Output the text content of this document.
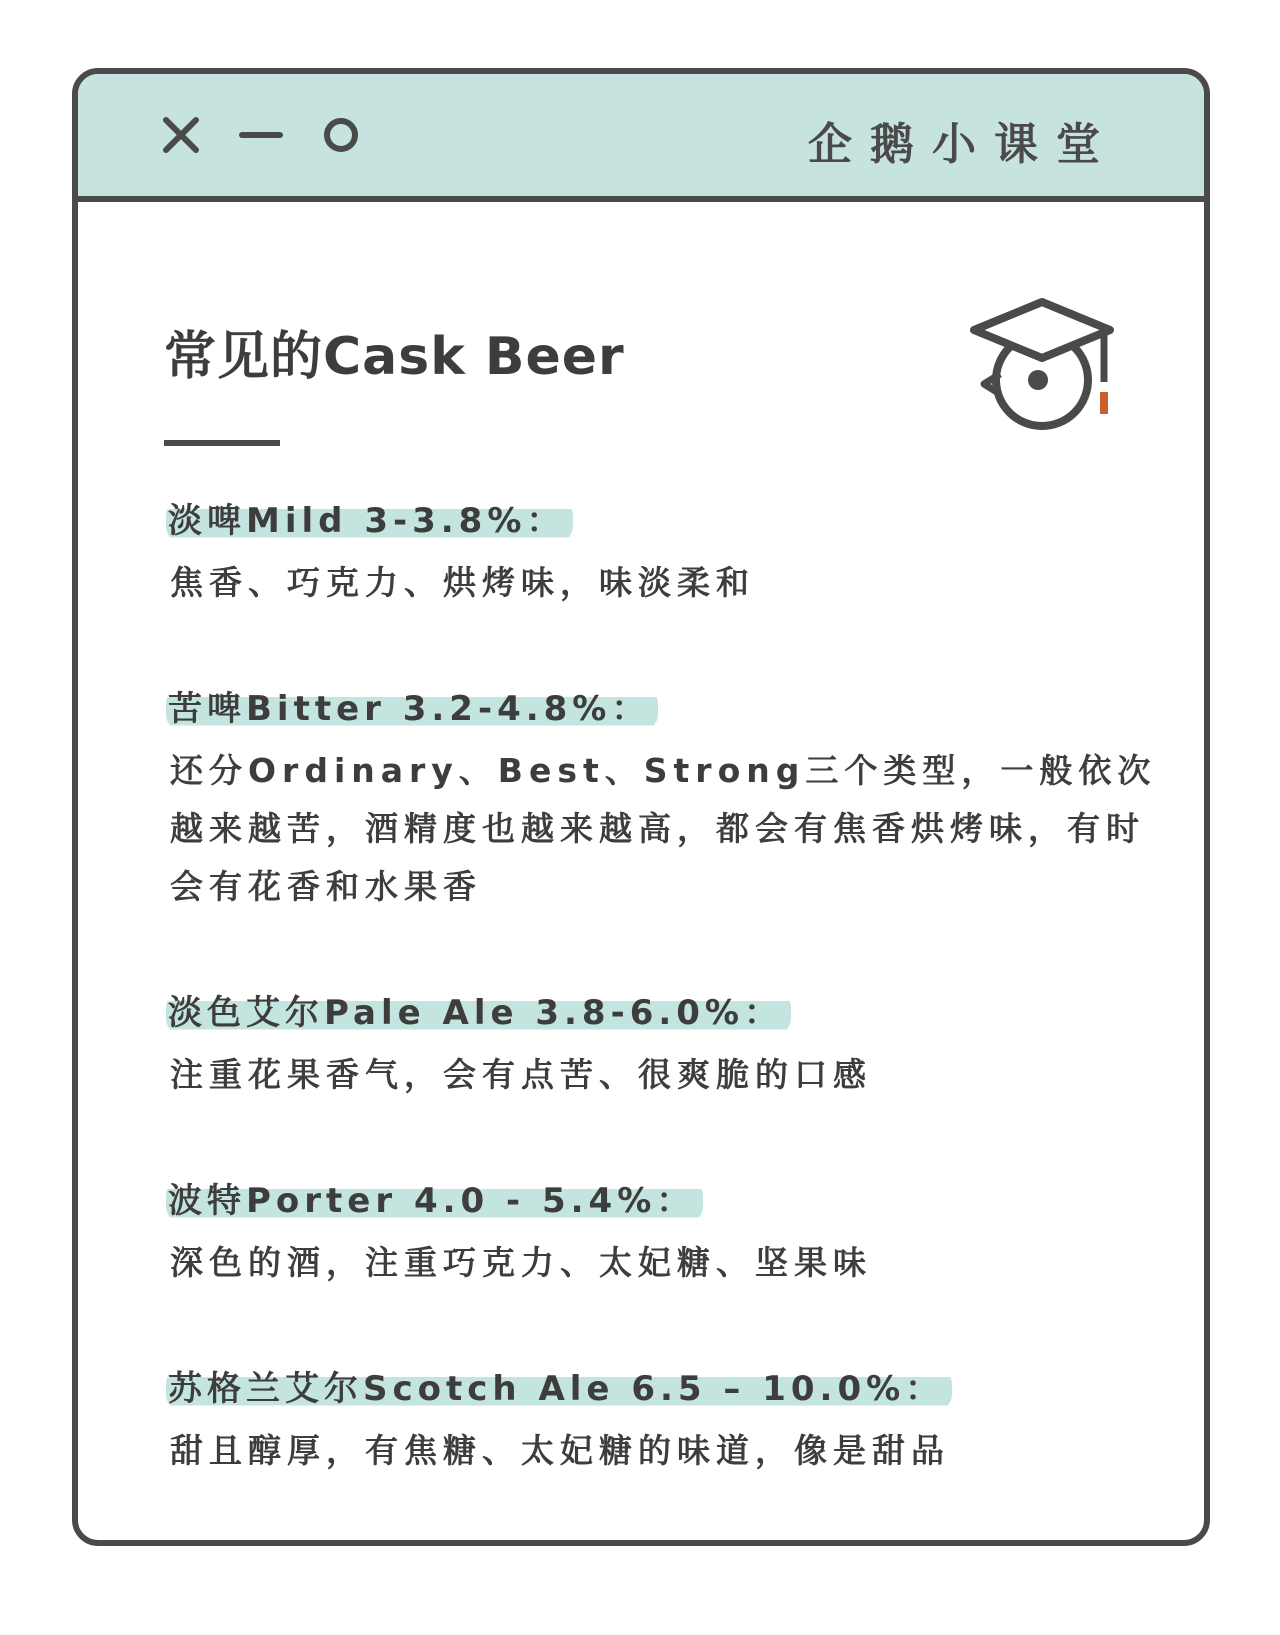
企鹅小课堂
常见的Cask Beer
淡啤Mild 3-3.8%：
焦香、巧克力、烘烤味，味淡柔和
苦啤Bitter 3.2-4.8%：
还分Ordinary、Best、Strong三个类型，一般依次越来越苦，酒精度也越来越高，都会有焦香烘烤味，有时会有花香和水果香
淡色艾尔Pale Ale 3.8-6.0%：
注重花果香气，会有点苦、很爽脆的口感
波特Porter 4.0 - 5.4%：
深色的酒，注重巧克力、太妃糖、坚果味
苏格兰艾尔Scotch Ale 6.5 – 10.0%：
甜且醇厚，有焦糖、太妃糖的味道，像是甜品
